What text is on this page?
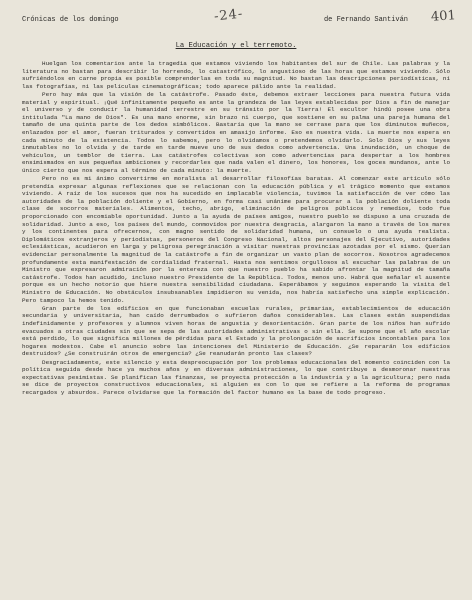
Crónicas de los domingo	de Fernando Santiván
-24-	401
La Educación y el terremoto.

Huelgan los comentarios ante la tragedia que estamos viviendo los habitantes del sur de Chile. Las palabras y la literatura no bastan para describir lo horrendo, lo catastrófico, lo angustioso de las horas que estamos viviendo. Sólo sufriéndolos en carne propia es posible comprenderlas en toda su magnitud. No bastan las descripciones periodísticas, ni las fotografías, ni las películas cinematográficas; todo aparece pálido ante la realidad.

Pero hay más que la visión de la catástrofe. Pasado éste, debemos extraer lecciones para nuestra futura vida material y espiritual. ¡Qué infinitamente pequeño es ante la grandeza de las leyes establecidas por Dios a fin de manejar el universo y de conducir la humanidad terrestre en su tránsito por la Tierra! El escultor hindú posee una obra intitulada "La mano de Dios". Es una mano enorme, sin brazo ni cuerpo, que sostiene en su palma una pareja humana del tamaño de una quinta parte de los dedos simbólicos. Bastaría que la mano se cerrase para que los diminutos muñecos, enlazados por el amor, fueran triturados y convertidos en amasijo informe. Eso es nuestra vida. La muerte nos espera en cada minuto de la existencia. Todos lo sabemos, pero lo olvidamos o pretendemos olvidarlo. Solo Dios y sus leyes inmutables no lo olvida y de tarde en tarde mueve uno de sus dedos como advertencia. Una inundación, un choque de vehículos, un temblor de tierra. Las catástrofes colectivas son como advertencias para despertar a los hombres ensimismados en sus pequeñas ambiciones y recordarles que nada valen el dinero, los honores, los goces mundanos, ante lo único cierto que nos espera al término de cada minuto: la muerte.

Pero no es mi ánimo convertirme en moralista al desarrollar filosofías baratas. Al comenzar este artículo sólo pretendía expresar algunas reflexiones que se relacionan con la educación pública y el trágico momento que estamos viviendo. A raíz de los sucesos que nos ha sucedido en implacable violencia, tuvimos la satisfacción de ver cómo las autoridades de la población doliente y el Gobierno, en forma casi unánime para procurar a la población doliente toda clase de socorros materiales. Alimentos, techo, abrigo, eliminación de peligros públicos y remedios, todo fue proporcionado con encomiable oportunidad. Junto a la ayuda de países amigos, nuestro pueblo se dispuso a una cruzada de solidaridad. Junto a eso, los países del mundo, conmovidos por nuestra desgracia, alargaron la mano a través de los mares y los continentes para ofrecernos, con magno sentido de solidaridad humana, un consuelo o una ayuda realista. Diplomáticos extranjeros y periodistas, personeros del Congreso Nacional, altos personajes del Ejecutivo, autoridades eclesiásticas, acudieron en larga y peligrosa peregrinación a visitar nuestras provincias azotadas por el sismo. Querían evidenciar personalmente la magnitud de la catástrofe a fin de organizar un vasto plan de socorros. Nosotros agradecemos profundamente esta manifestación de cordialidad fraternal. Hasta nos sentimos orgullosos al escuchar las palabras de un Ministro que expresaron admiración por la entereza con que nuestro pueblo ha sabido afrontar la magnitud de tamaña catástrofe. Todos han acudido, incluso nuestro Presidente de la República. Todos, menos uno. Habrá que señalar el ausente porque es un hecho notorio que hiere nuestra sensibilidad ciudadana. Esperábamos y seguimos esperando la visita del Ministro de Educación. No obstáculos insubsanables impidieron su venida, nos habría satisfecho una simple explicación. Pero tampoco la hemos tenido.

Gran parte de los edificios en que funcionaban escuelas rurales, primarias, establecimientos de educación secundaria y universitaria, han caído derrumbados o sufrieron daños considerables. Las clases están suspendidas indefinidamente y profesores y alumnos viven horas de angustia y desorientación. Gran parte de los niños han sufrido evacuados a otras ciudades sin que se sepa de las autoridades administrativas o sin ella. Se supone que el año escolar está perdido, lo que significa millones de pérdidas para el Estado y la prolongación de sacrificios incontables para los hogares modestos. Cabe el anuncio sobre las intenciones del Ministerio de Educación. ¿Se repararán los edificios destruidos? ¿Se construirán otros de emergencia? ¿Se reanudarán pronto las clases?

Desgraciadamente, este silencio y esta despreocupación por los problemas educacionales del momento coinciden con la política seguida desde hace ya muchos años y en diversas administraciones, lo que contribuye a desmoronar nuestras expectativas pesimistas. Se planifican las finanzas, se proyecta protección a la industria y a la agricultura; pero nada se dice de proyectos constructivos educacionales, si alguien es con lo que se refiere a la reforma de programas recargados y absurdos. Parece olvidarse que la formación del factor humano es la base de todo progreso.
